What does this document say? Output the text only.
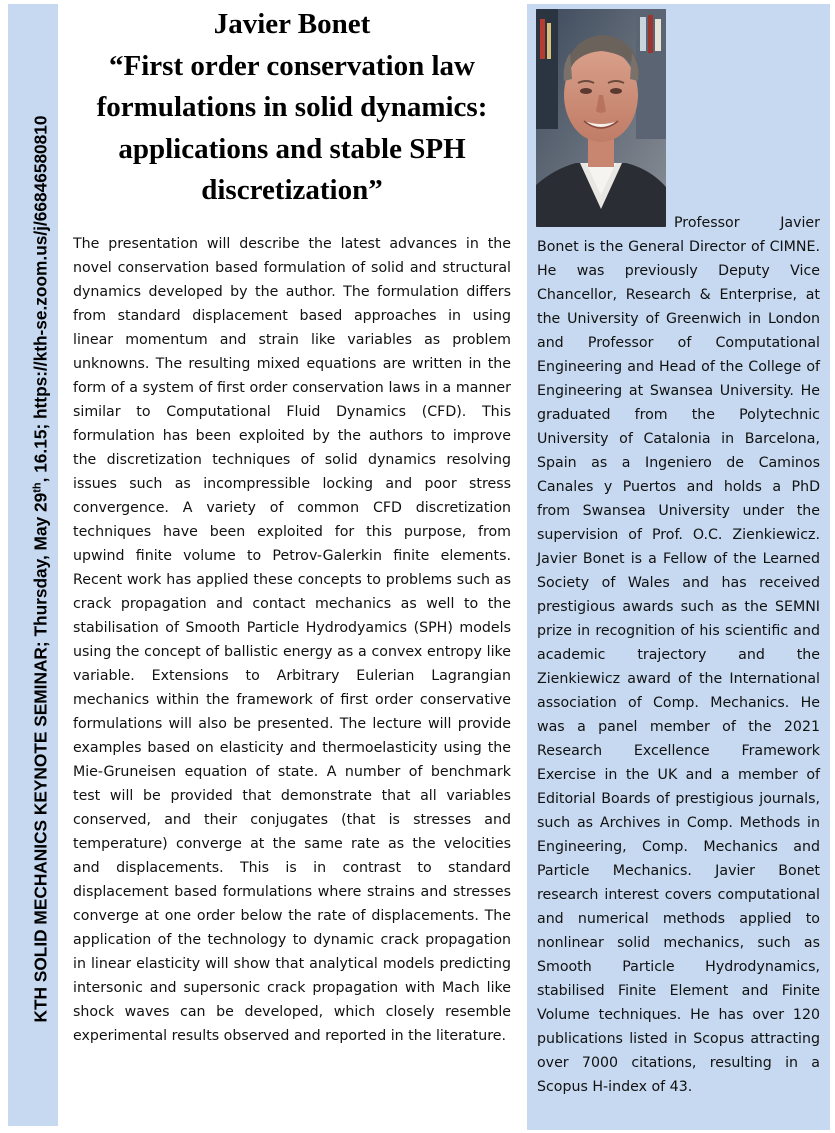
KTH SOLID MECHANICS KEYNOTE SEMINAR; Thursday, May 29th, 16.15; https://kth-se.zoom.us/j/66846580810
Javier Bonet
“First order conservation law
formulations in solid dynamics:
applications and stable SPH
discretization”

The presentation will describe the latest advances in the novel conservation based formulation of solid and structural dynamics developed by the author. The formulation differs from standard displacement based approaches in using linear momentum and strain like variables as problem unknowns. The resulting mixed equations are written in the form of a system of first order conservation laws in a manner similar to Computational Fluid Dynamics (CFD). This formulation has been exploited by the authors to improve the discretization techniques of solid dynamics resolving issues such as incompressible locking and poor stress convergence. A variety of common CFD discretization techniques have been exploited for this purpose, from upwind finite volume to Petrov-Galerkin finite elements. Recent work has applied these concepts to problems such as crack propagation and contact mechanics as well to the stabilisation of Smooth Particle Hydrodyamics (SPH) models using the concept of ballistic energy as a convex entropy like variable. Extensions to Arbitrary Eulerian Lagrangian mechanics within the framework of first order conservative formulations will also be presented. The lecture will provide examples based on elasticity and thermoelasticity using the Mie-Gruneisen equation of state. A number of benchmark test will be provided that demonstrate that all variables conserved, and their conjugates (that is stresses and temperature) converge at the same rate as the velocities and displacements. This is in contrast to standard displacement based formulations where strains and stresses converge at one order below the rate of displacements. The application of the technology to dynamic crack propagation in linear elasticity will show that analytical models predicting intersonic and supersonic crack propagation with Mach like shock waves can be developed, which closely resemble experimental results observed and reported in the literature.

Professor Javier Bonet is the General Director of CIMNE. He was previously Deputy Vice Chancellor, Research & Enterprise, at the University of Greenwich in London and Professor of Computational Engineering and Head of the College of Engineering at Swansea University. He graduated from the Polytechnic University of Catalonia in Barcelona, Spain as a Ingeniero de Caminos Canales y Puertos and holds a PhD from Swansea University under the supervision of Prof. O.C. Zienkiewicz. Javier Bonet is a Fellow of the Learned Society of Wales and has received prestigious awards such as the SEMNI prize in recognition of his scientific and academic trajectory and the Zienkiewicz award of the International association of Comp. Mechanics. He was a panel member of the 2021 Research Excellence Framework Exercise in the UK and a member of Editorial Boards of prestigious journals, such as Archives in Comp. Methods in Engineering, Comp. Mechanics and Particle Mechanics. Javier Bonet research interest covers computational and numerical methods applied to nonlinear solid mechanics, such as Smooth Particle Hydrodynamics, stabilised Finite Element and Finite Volume techniques. He has over 120 publications listed in Scopus attracting over 7000 citations, resulting in a Scopus H-index of 43.
